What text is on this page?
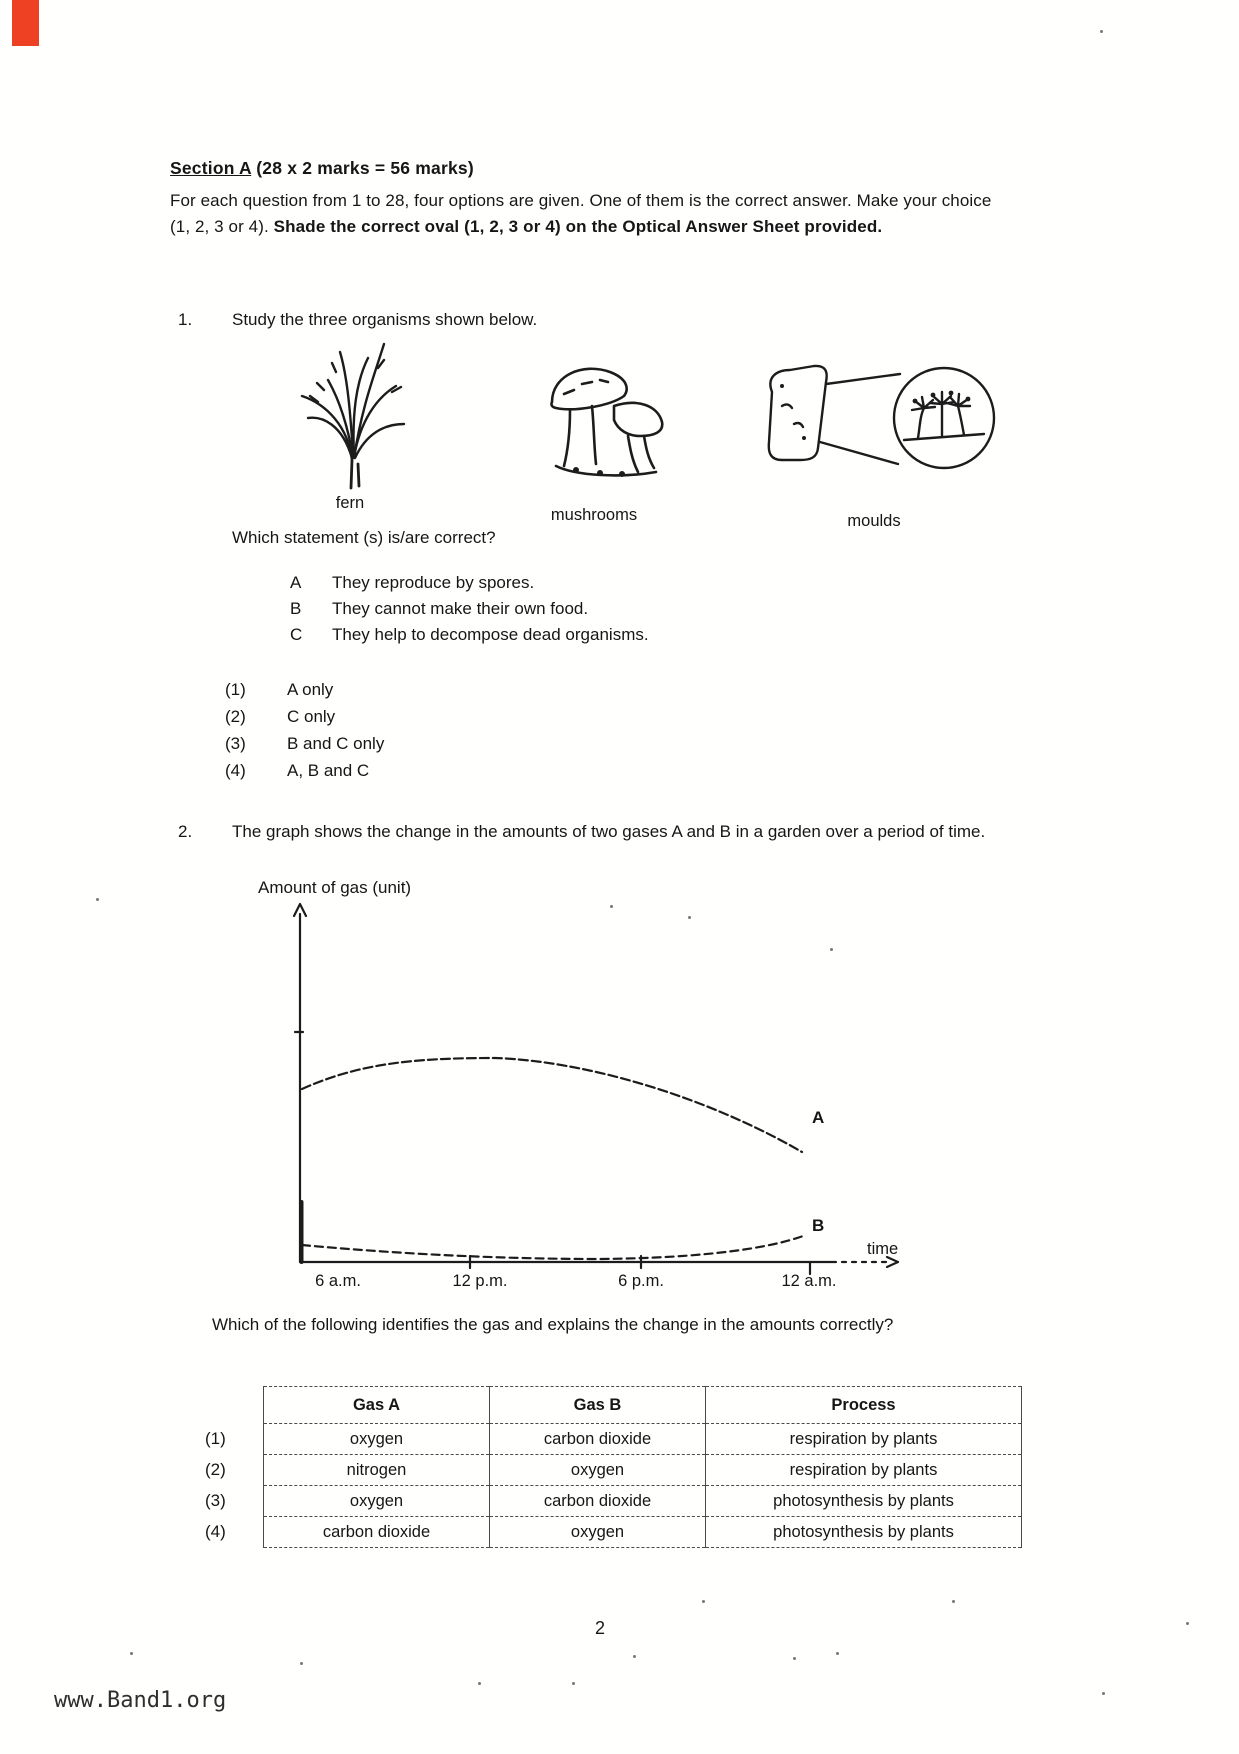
Section A (28 x 2 marks = 56 marks)
For each question from 1 to 28, four options are given. One of them is the correct answer. Make your choice (1, 2, 3 or 4). Shade the correct oval (1, 2, 3 or 4) on the Optical Answer Sheet provided.
1.	Study the three organisms shown below.
fern
mushrooms	moulds
Which statement (s) is/are correct?
A	They reproduce by spores.
B	They cannot make their own food.
C	They help to decompose dead organisms.
(1)	A only
(2)	C only
(3)	B and C only
(4)	A, B and C
2.	The graph shows the change in the amounts of two gases A and B in a garden over a period of time.
Amount of gas (unit)
A
B
time
6 a.m.	12 p.m.	6 p.m.	12 a.m.
Which of the following identifies the gas and explains the change in the amounts correctly?
	Gas A	Gas B	Process
(1)	oxygen	carbon dioxide	respiration by plants
(2)	nitrogen	oxygen	respiration by plants
(3)	oxygen	carbon dioxide	photosynthesis by plants
(4)	carbon dioxide	oxygen	photosynthesis by plants
2
www.Band1.org
